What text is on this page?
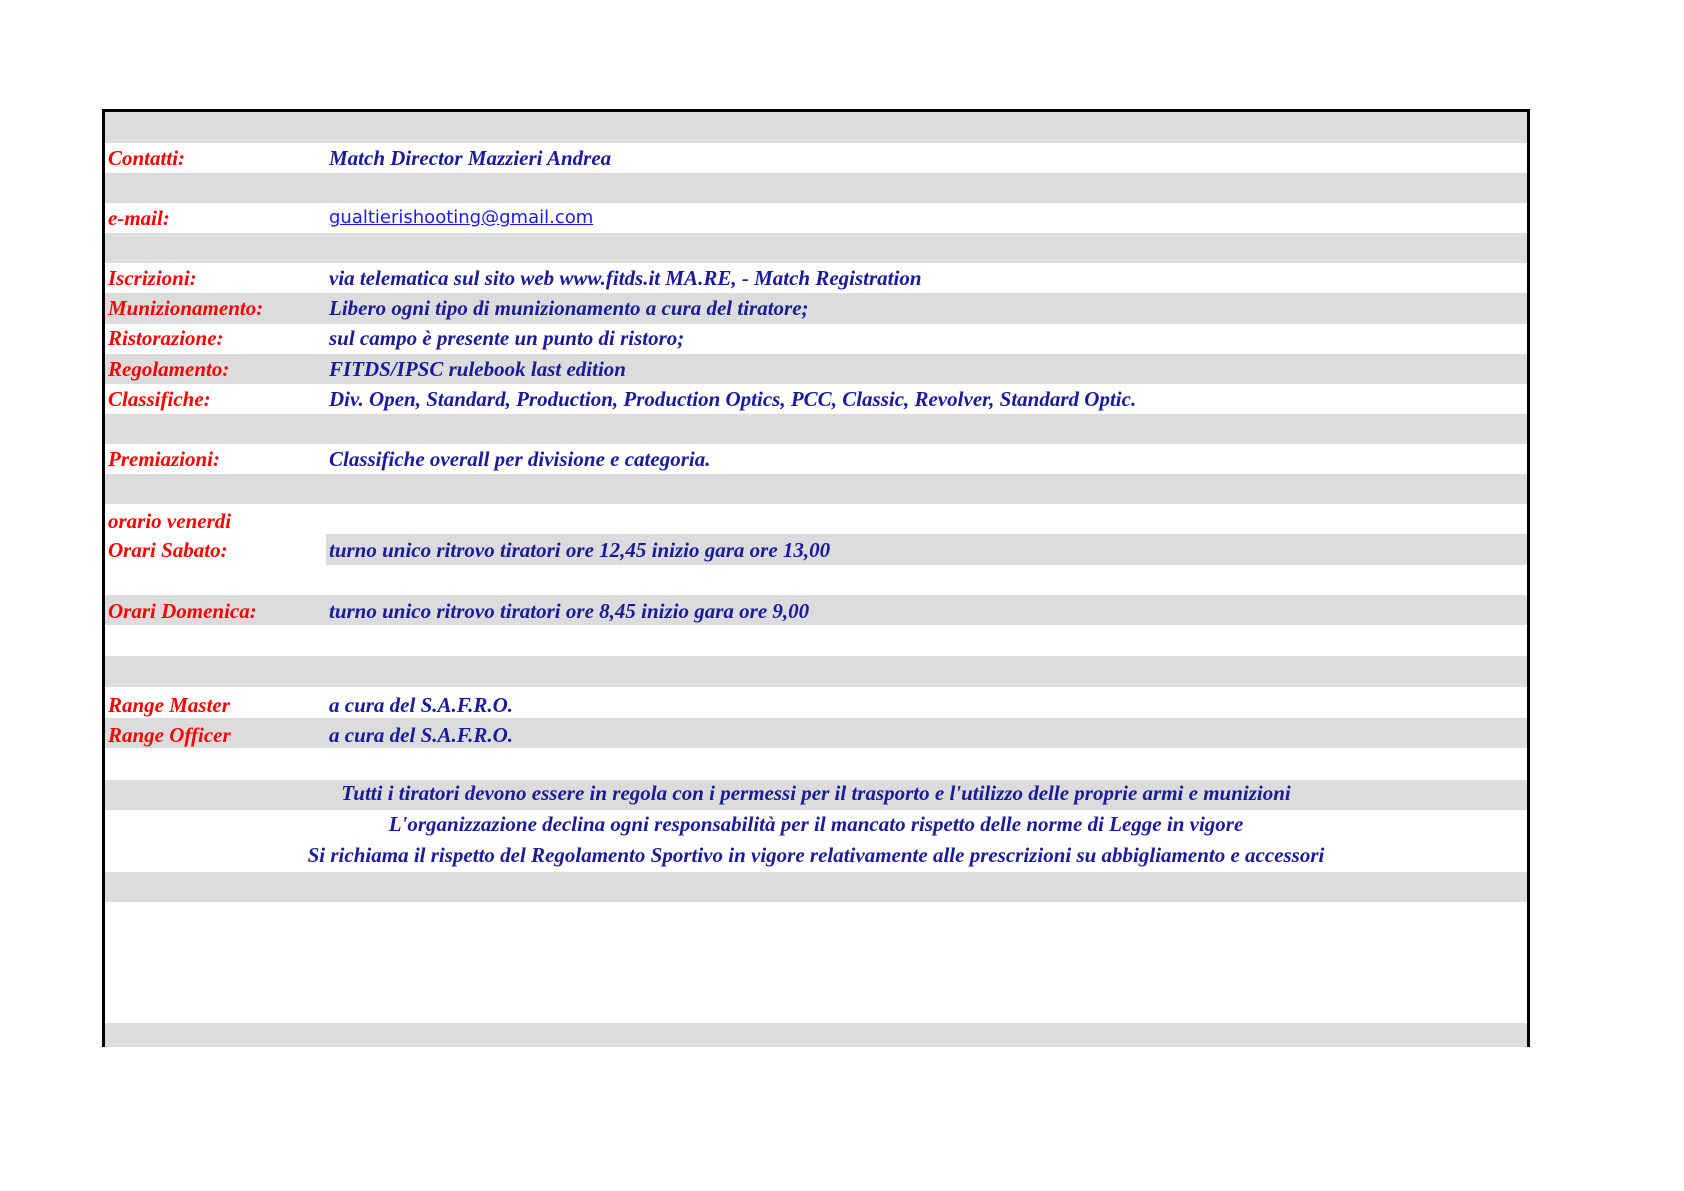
Contatti:	Match Director Mazzieri Andrea
e-mail:	gualtierishooting@gmail.com
Iscrizioni:	via telematica sul sito web www.fitds.it MA.RE, - Match Registration
Munizionamento:	Libero ogni tipo di munizionamento a cura del tiratore;
Ristorazione:	sul campo è presente un punto di ristoro;
Regolamento:	FITDS/IPSC rulebook last edition
Classifiche:	Div. Open, Standard, Production, Production Optics, PCC, Classic, Revolver, Standard Optic.
Premiazioni:	Classifiche overall per divisione e categoria.
orario venerdi
Orari Sabato:	turno unico ritrovo tiratori ore 12,45 inizio gara ore 13,00
Orari Domenica:	turno unico ritrovo tiratori ore 8,45 inizio gara ore 9,00
Range Master	a cura del S.A.F.R.O.
Range Officer	a cura del S.A.F.R.O.
Tutti i tiratori devono essere in regola con i permessi per il trasporto e l'utilizzo delle proprie armi e munizioni
L'organizzazione declina ogni responsabilità per il mancato rispetto delle norme di Legge in vigore
Si richiama il rispetto del Regolamento Sportivo in vigore relativamente alle prescrizioni su abbigliamento e accessori
